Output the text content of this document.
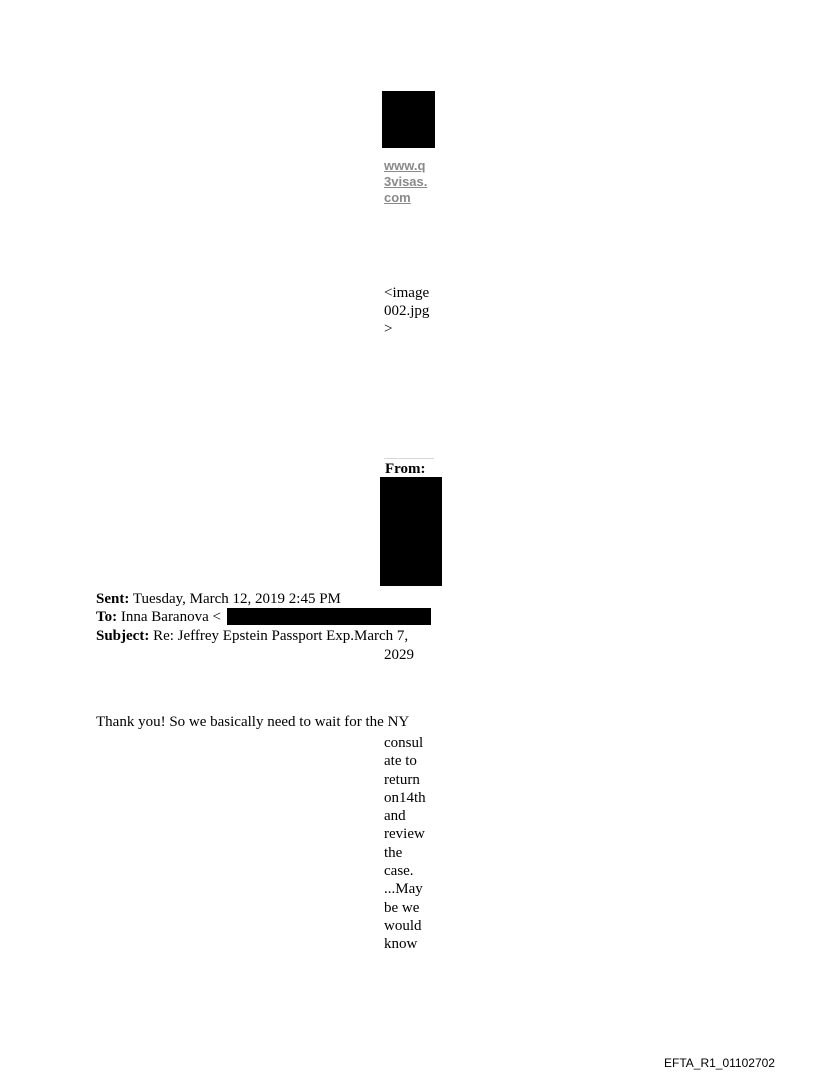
www.q
3visas.
com
<image
002.jpg
>
From:
Sent: Tuesday, March 12, 2019 2:45 PM
To: Inna Baranova <
Subject: Re: Jeffrey Epstein Passport Exp.March 7,
2029
Thank you! So we basically need to wait for the NY
consul
ate to
return
on14th
and
review
the
case.
...May
be we
would
know
EFTA_R1_01102702
